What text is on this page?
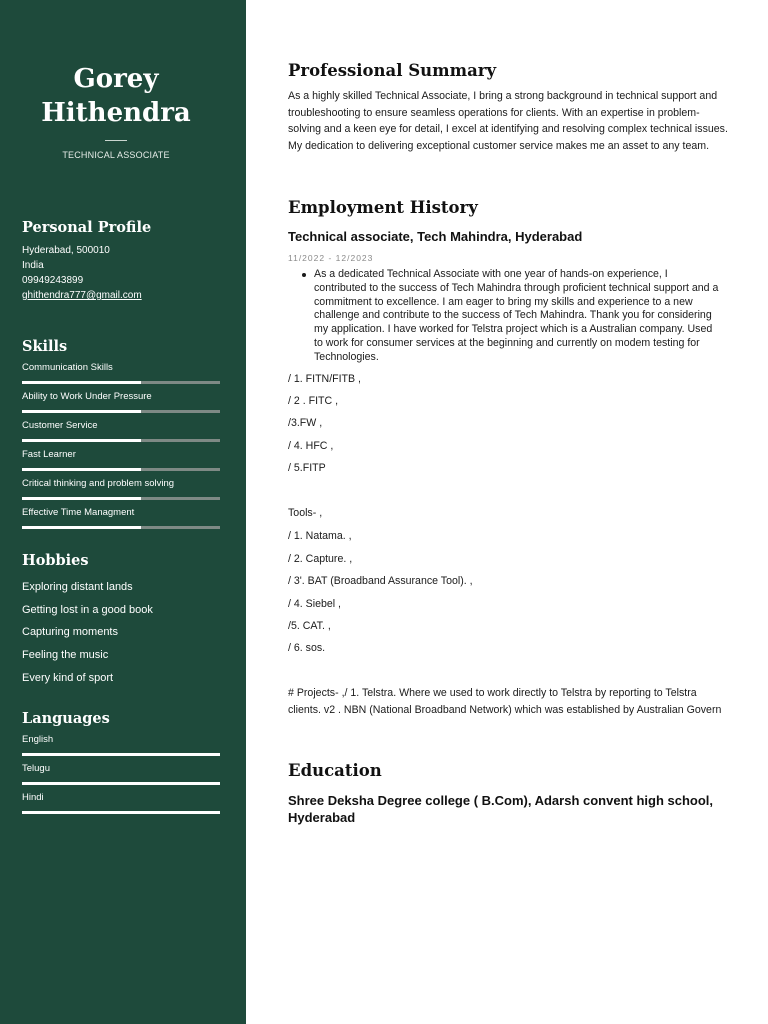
Gorey
Hithendra
TECHNICAL ASSOCIATE
Personal Profile
Hyderabad, 500010
India
09949243899
ghithendra777@gmail.com
Skills
Communication Skills
Ability to Work Under Pressure
Customer Service
Fast Learner
Critical thinking and problem solving
Effective Time Managment
Hobbies
Exploring distant lands
Getting lost in a good book
Capturing moments
Feeling the music
Every kind of sport
Languages
English
Telugu
Hindi
Professional Summary
As a highly skilled Technical Associate, I bring a strong background in technical support and troubleshooting to ensure seamless operations for clients. With an expertise in problem-solving and a keen eye for detail, I excel at identifying and resolving complex technical issues. My dedication to delivering exceptional customer service makes me an asset to any team.
Employment History
Technical associate, Tech Mahindra, Hyderabad
11/2022 - 12/2023
As a dedicated Technical Associate with one year of hands-on experience, I contributed to the success of Tech Mahindra through proficient technical support and a commitment to excellence. I am eager to bring my skills and experience to a new challenge and contribute to the success of Tech Mahindra. Thank you for considering my application. I have worked for Telstra project which is a Australian company. Used to work for consumer services at the beginning and currently on modem testing for Technologies.
/ 1. FITN/FITB ,
/ 2 . FITC ,
/3.FW ,
/ 4. HFC ,
/ 5.FITP
Tools- ,
/ 1. Natama. ,
/ 2. Capture. ,
/ 3'. BAT (Broadband Assurance Tool). ,
/ 4. Siebel ,
/5. CAT. ,
/ 6. sos.
# Projects- ,/ 1. Telstra. Where we used to work directly to Telstra by reporting to Telstra clients. v2 . NBN (National Broadband Network) which was established by Australian Govern
Education
Shree Deksha Degree college ( B.Com), Adarsh convent high school, Hyderabad
